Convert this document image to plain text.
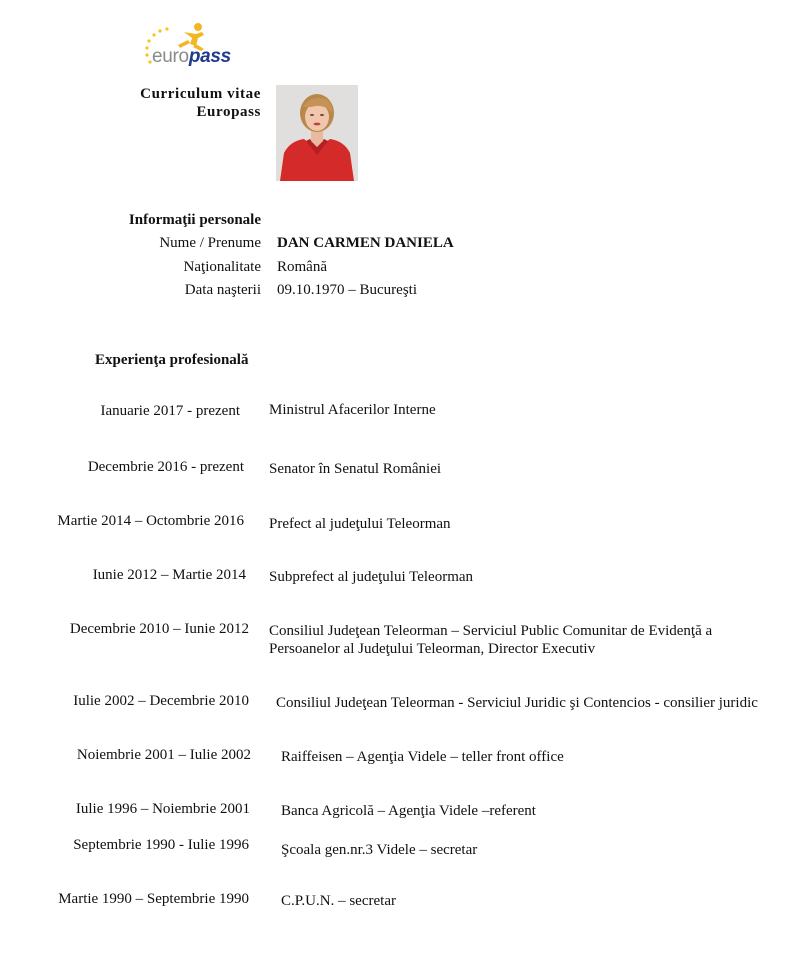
europass
Curriculum vitae
Europass
Informaţii personale
Nume / Prenume DAN CARMEN DANIELA
Naţionalitate Română
Data naşterii 09.10.1970 – Bucureşti
Experienţa profesională
Ianuarie 2017 - prezent Ministrul Afacerilor Interne
Decembrie 2016 - prezent Senator în Senatul României
Martie 2014 – Octombrie 2016 Prefect al judeţului Teleorman
Iunie 2012 – Martie 2014 Subprefect al judeţului Teleorman
Decembrie 2010 – Iunie 2012 Consiliul Judeţean Teleorman – Serviciul Public Comunitar de Evidenţă a Persoanelor al Judeţului Teleorman, Director Executiv
Iulie 2002 – Decembrie 2010 Consiliul Judeţean Teleorman - Serviciul Juridic şi Contencios - consilier juridic
Noiembrie 2001 – Iulie 2002 Raiffeisen – Agenţia Videle – teller front office
Iulie 1996 – Noiembrie 2001 Banca Agricolă – Agenţia Videle –referent
Septembrie 1990 - Iulie 1996 Şcoala gen.nr.3 Videle – secretar
Martie 1990 – Septembrie 1990 C.P.U.N. – secretar
